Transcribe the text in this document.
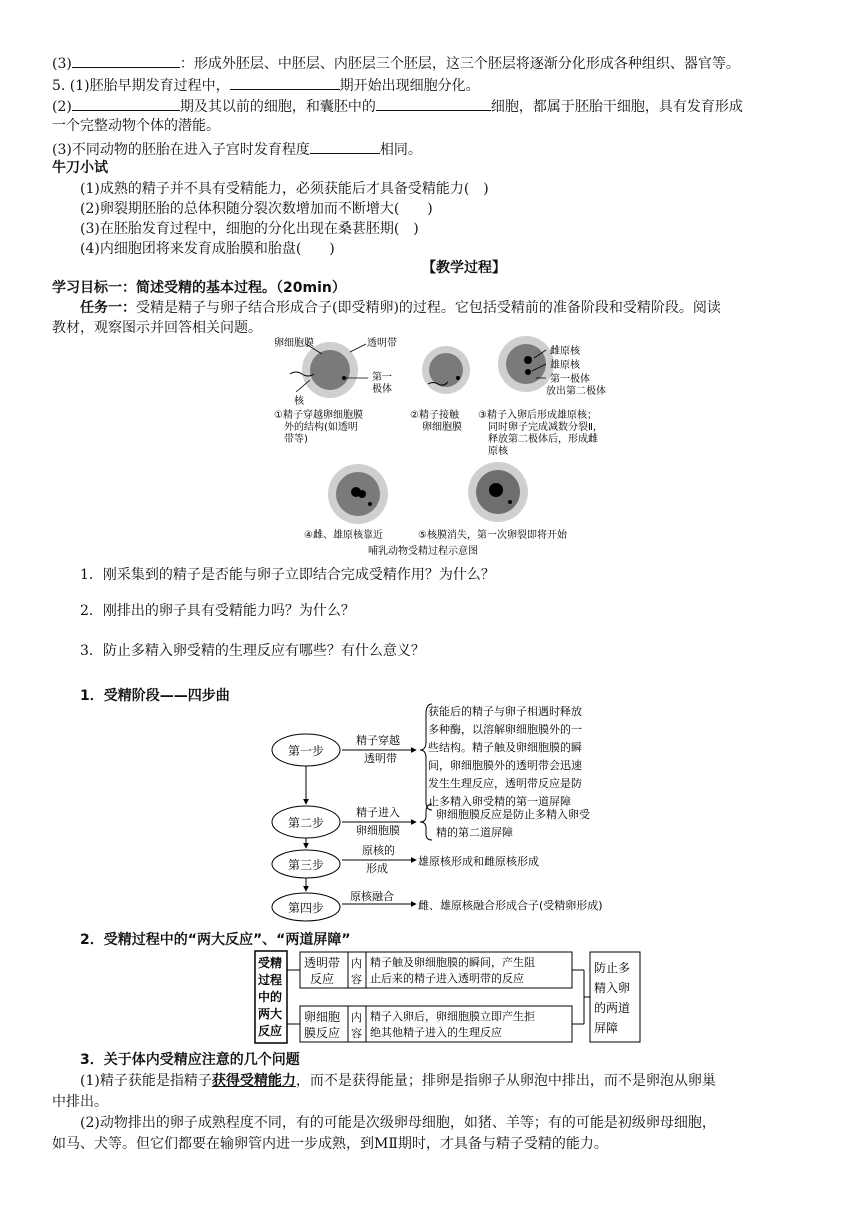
(3)	：形成外胚层、中胚层、内胚层三个胚层，这三个胚层将逐渐分化形成各种组织、器官等。
5. (1)胚胎早期发育过程中，	期开始出现细胞分化。
(2)	期及其以前的细胞，和囊胚中的	细胞，都属于胚胎干细胞，具有发育形成
一个完整动物个体的潜能。
(3)不同动物的胚胎在进入子宫时发育程度	相同。
牛刀小试
(1)成熟的精子并不具有受精能力，必须获能后才具备受精能力(　)
(2)卵裂期胚胎的总体积随分裂次数增加而不断增大(　　)
(3)在胚胎发育过程中，细胞的分化出现在桑葚胚期(　)
(4)内细胞团将来发育成胎膜和胎盘(　　)
【教学过程】
学习目标一：简述受精的基本过程。（20min）
任务一：受精是精子与卵子结合形成合子(即受精卵)的过程。它包括受精前的准备阶段和受精阶段。阅读
教材，观察图示并回答相关问题。
卵细胞膜	透明带
第一
极体
核
①精子穿越卵细胞膜
外的结构(如透明
带等)
②精子接触
卵细胞膜
雌原核
雄原核
第一极体
放出第二极体
③精子入卵后形成雄原核；
同时卵子完成减数分裂Ⅱ，
释放第二极体后，形成雌
原核
④雌、雄原核靠近	⑤核膜消失，第一次卵裂即将开始
哺乳动物受精过程示意图
1．刚采集到的精子是否能与卵子立即结合完成受精作用？为什么？
2．刚排出的卵子具有受精能力吗？为什么？
3．防止多精入卵受精的生理反应有哪些？有什么意义？
1．受精阶段——四步曲
第一步
第二步
第三步
第四步
精子穿越
透明带
精子进入
卵细胞膜
原核的
形成
原核融合
获能后的精子与卵子相遇时释放
多种酶，以溶解卵细胞膜外的一
些结构。精子触及卵细胞膜的瞬
间，卵细胞膜外的透明带会迅速
发生生理反应，透明带反应是防
止多精入卵受精的第一道屏障
卵细胞膜反应是防止多精入卵受
精的第二道屏障
雄原核形成和雌原核形成
雌、雄原核融合形成合子(受精卵形成)
2．受精过程中的“两大反应”、“两道屏障”
受精
过程
中的
两大
反应
透明带
反应
内
容
精子触及卵细胞膜的瞬间，产生阻
止后来的精子进入透明带的反应
卵细胞
膜反应
内
容
精子入卵后，卵细胞膜立即产生拒
绝其他精子进入的生理反应
防止多
精入卵
的两道
屏障
3．关于体内受精应注意的几个问题
(1)精子获能是指精子获得受精能力，而不是获得能量；排卵是指卵子从卵泡中排出，而不是卵泡从卵巢
中排出。
(2)动物排出的卵子成熟程度不同，有的可能是次级卵母细胞，如猪、羊等；有的可能是初级卵母细胞，
如马、犬等。但它们都要在输卵管内进一步成熟，到MⅡ期时，才具备与精子受精的能力。
